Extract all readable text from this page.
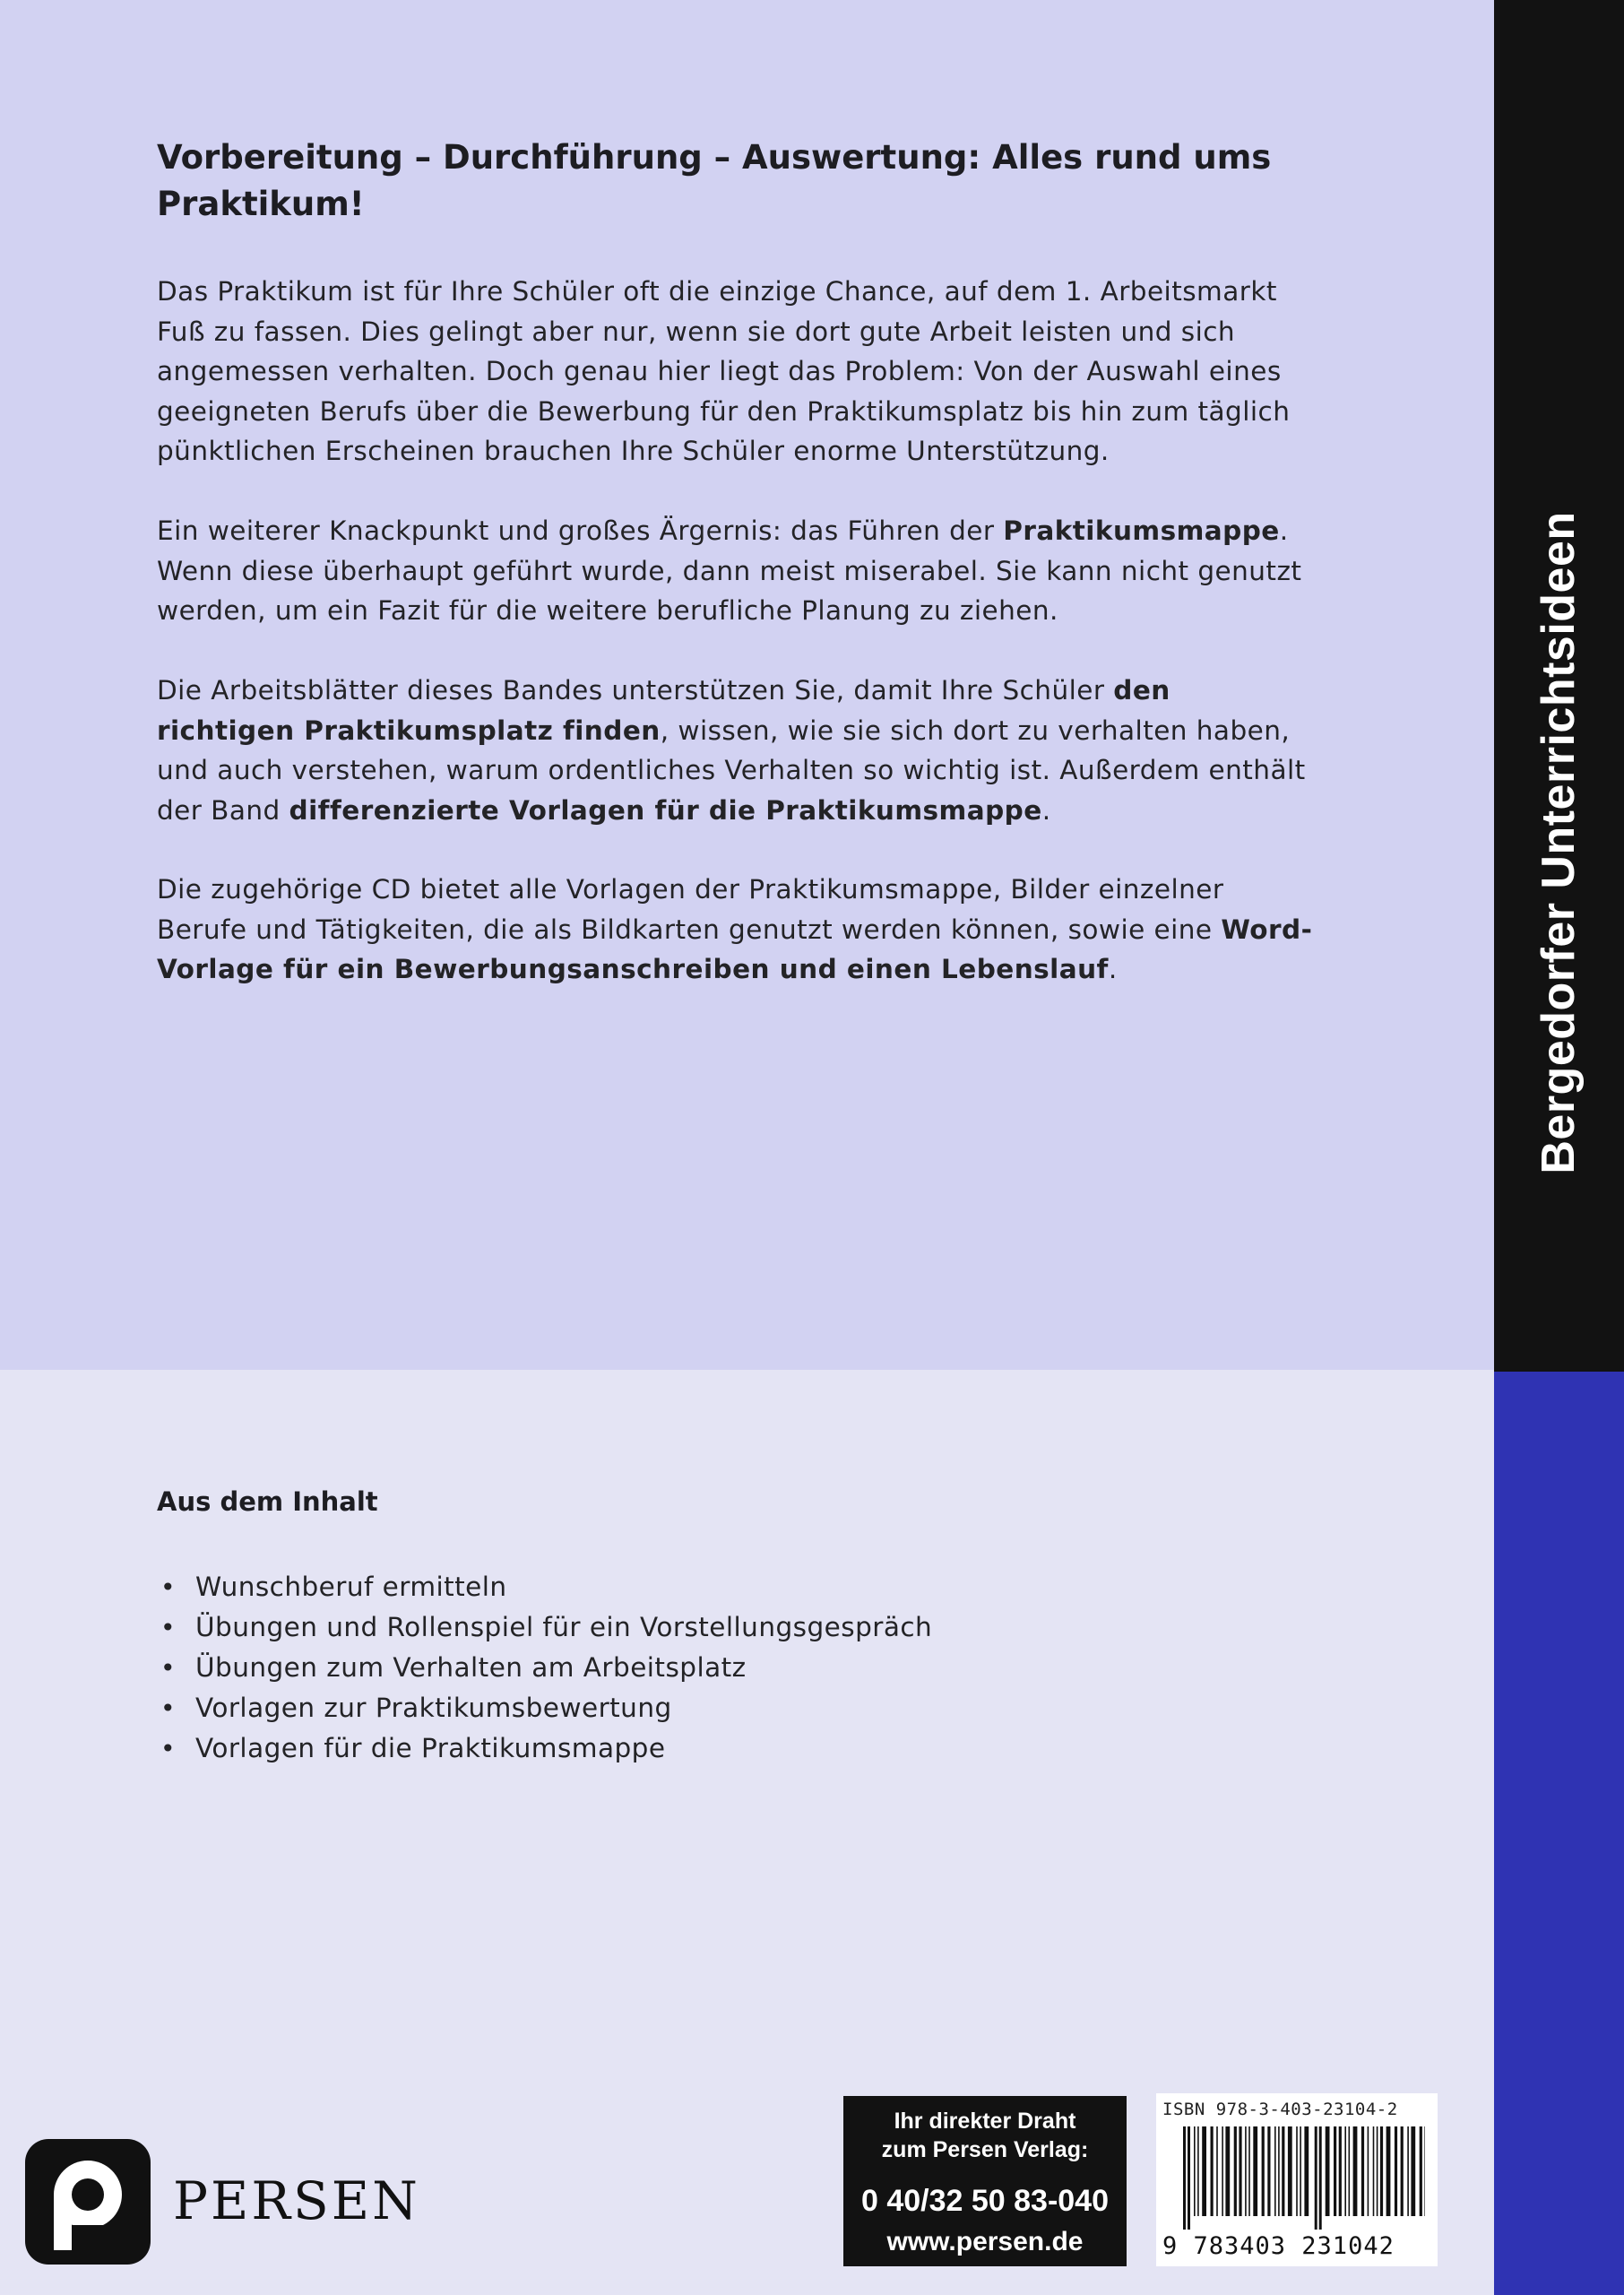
Bergedorfer Unterrichtsideen
Vorbereitung – Durchführung – Auswertung: Alles rund ums Praktikum!

Das Praktikum ist für Ihre Schüler oft die einzige Chance, auf dem 1. Arbeitsmarkt Fuß zu fassen. Dies gelingt aber nur, wenn sie dort gute Arbeit leisten und sich angemessen verhalten. Doch genau hier liegt das Problem: Von der Auswahl eines geeigneten Berufs über die Bewerbung für den Praktikumsplatz bis hin zum täglich pünktlichen Erscheinen brauchen Ihre Schüler enorme Unterstützung.

Ein weiterer Knackpunkt und großes Ärgernis: das Führen der Praktikumsmappe. Wenn diese überhaupt geführt wurde, dann meist miserabel. Sie kann nicht genutzt werden, um ein Fazit für die weitere berufliche Planung zu ziehen.

Die Arbeitsblätter dieses Bandes unterstützen Sie, damit Ihre Schüler den richtigen Praktikumsplatz finden, wissen, wie sie sich dort zu verhalten haben, und auch verstehen, warum ordentliches Verhalten so wichtig ist. Außerdem enthält der Band differenzierte Vorlagen für die Praktikumsmappe.

Die zugehörige CD bietet alle Vorlagen der Praktikumsmappe, Bilder einzelner Berufe und Tätigkeiten, die als Bildkarten genutzt werden können, sowie eine Word-Vorlage für ein Bewerbungsanschreiben und einen Lebenslauf.

Aus dem Inhalt
• Wunschberuf ermitteln
• Übungen und Rollenspiel für ein Vorstellungsgespräch
• Übungen zum Verhalten am Arbeitsplatz
• Vorlagen zur Praktikumsbewertung
• Vorlagen für die Praktikumsmappe

PERSEN

Ihr direkter Draht
zum Persen Verlag:
0 40/32 50 83-040
www.persen.de

ISBN 978-3-403-23104-2

9 783403 231042
